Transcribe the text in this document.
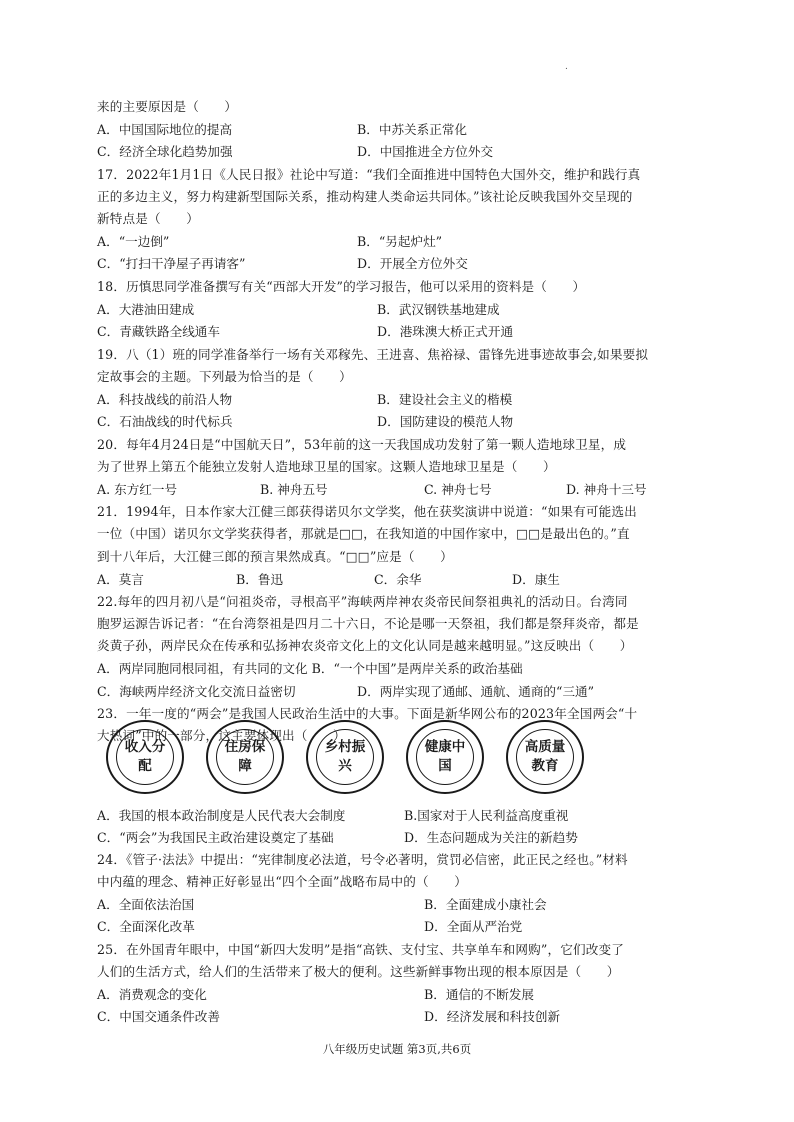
.
来的主要原因是（　　）
A．中国国际地位的提高	B．中苏关系正常化
C．经济全球化趋势加强	D．中国推进全方位外交
17．2022年1月1日《人民日报》社论中写道：“我们全面推进中国特色大国外交，维护和践行真
正的多边主义，努力构建新型国际关系，推动构建人类命运共同体。”该社论反映我国外交呈现的
新特点是（　　）
A．“一边倒”	B．“另起炉灶”
C．“打扫干净屋子再请客”	D．开展全方位外交
18．历慎思同学准备撰写有关“西部大开发”的学习报告，他可以采用的资料是（　　）
A．大港油田建成	B．武汉钢铁基地建成
C．青藏铁路全线通车	D．港珠澳大桥正式开通
19．八（1）班的同学准备举行一场有关邓稼先、王进喜、焦裕禄、雷锋先进事迹故事会,如果要拟
定故事会的主题。下列最为恰当的是（　　）
A．科技战线的前沿人物	B．建设社会主义的楷模
C．石油战线的时代标兵	D．国防建设的模范人物
20．每年4月24日是“中国航天日”，53年前的这一天我国成功发射了第一颗人造地球卫星，成
为了世界上第五个能独立发射人造地球卫星的国家。这颗人造地球卫星是（　　）
A. 东方红一号	B. 神舟五号	C. 神舟七号	D. 神舟十三号
21．1994年，日本作家大江健三郎获得诺贝尔文学奖，他在获奖演讲中说道：“如果有可能选出
一位（中国）诺贝尔文学奖获得者，那就是□□，在我知道的中国作家中，□□是最出色的。”直
到十八年后，大江健三郎的预言果然成真。“□□”应是（　　）
A．莫言	B．鲁迅	C．余华	D．康生
22.每年的四月初八是“问祖炎帝，寻根高平”海峡两岸神农炎帝民间祭祖典礼的活动日。台湾同
胞罗运源告诉记者：“在台湾祭祖是四月二十六日，不论是哪一天祭祖，我们都是祭拜炎帝，都是
炎黄子孙，两岸民众在传承和弘扬神农炎帝文化上的文化认同是越来越明显。”这反映出（　　）
A．两岸同胞同根同祖，有共同的文化 B．“一个中国”是两岸关系的政治基础
C．海峡两岸经济文化交流日益密切	D．两岸实现了通邮、通航、通商的“三通”
23．一年一度的“两会”是我国人民政治生活中的大事。下面是新华网公布的2023年全国两会“十
大热词”中的一部分，这主要体现出（　　）
收入分配
住房保障
乡村振兴
健康中国
高质量教育
A．我国的根本政治制度是人民代表大会制度	B.国家对于人民利益高度重视
C．“两会”为我国民主政治建设奠定了基础	D．生态问题成为关注的新趋势
24．《管子·法法》中提出：“宪律制度必法道，号令必著明，赏罚必信密，此正民之经也。”材料
中内蕴的理念、精神正好彰显出“四个全面”战略布局中的（　　）
A．全面依法治国	B．全面建成小康社会
C．全面深化改革	D．全面从严治党
25．在外国青年眼中，中国“新四大发明”是指“高铁、支付宝、共享单车和网购”，它们改变了
人们的生活方式，给人们的生活带来了极大的便利。这些新鲜事物出现的根本原因是（　　）
A．消费观念的变化	B．通信的不断发展
C．中国交通条件改善	D．经济发展和科技创新
八年级历史试题 第3页,共6页
